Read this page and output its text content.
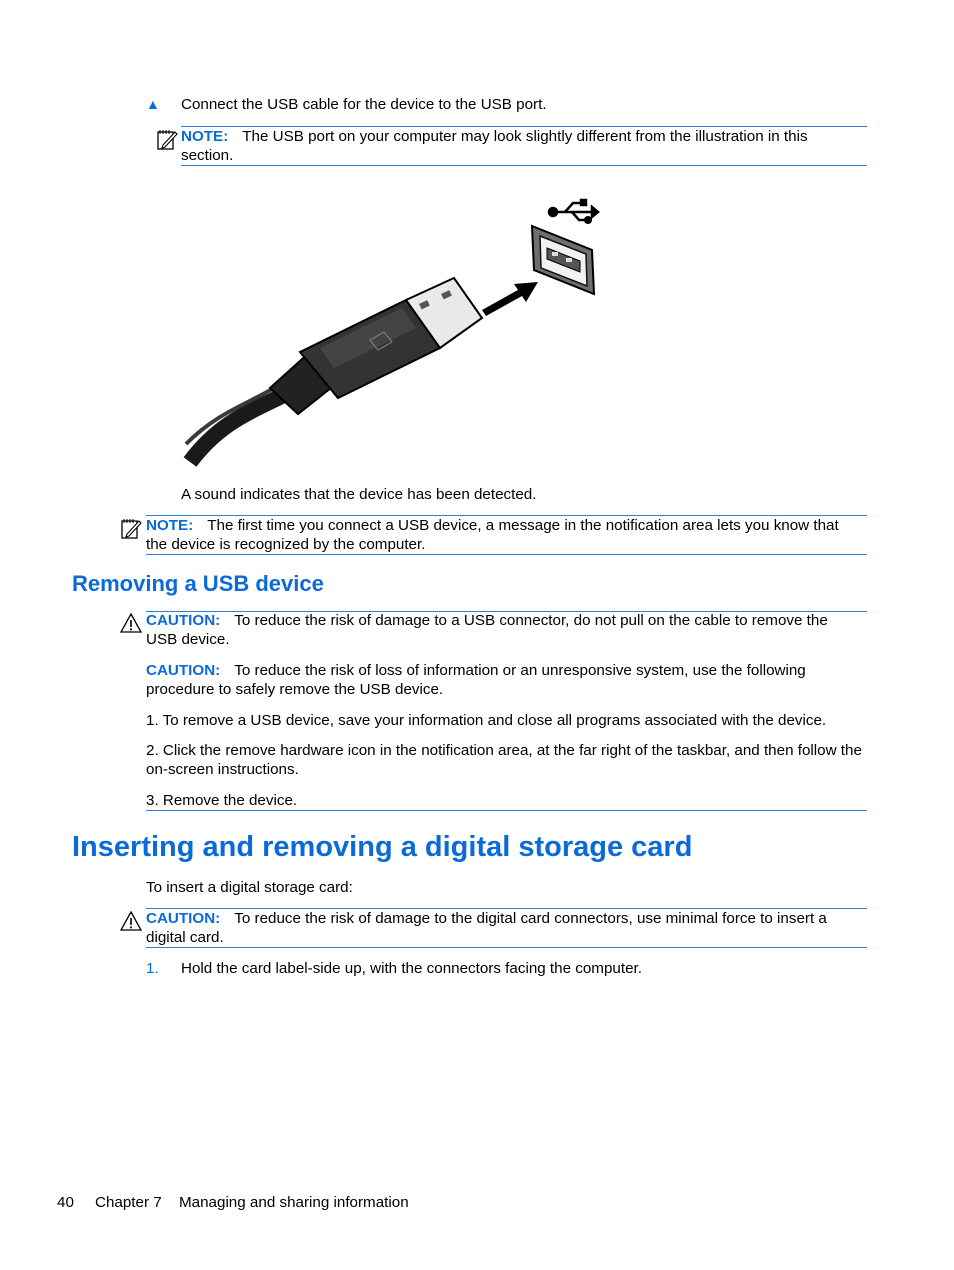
▲ Connect the USB cable for the device to the USB port.
NOTE: The USB port on your computer may look slightly different from the illustration in this section.
A sound indicates that the device has been detected.
NOTE: The first time you connect a USB device, a message in the notification area lets you know that the device is recognized by the computer.
Removing a USB device
CAUTION: To reduce the risk of damage to a USB connector, do not pull on the cable to remove the USB device.
CAUTION: To reduce the risk of loss of information or an unresponsive system, use the following procedure to safely remove the USB device.
1. To remove a USB device, save your information and close all programs associated with the device.
2. Click the remove hardware icon in the notification area, at the far right of the taskbar, and then follow the on-screen instructions.
3. Remove the device.
Inserting and removing a digital storage card
To insert a digital storage card:
CAUTION: To reduce the risk of damage to the digital card connectors, use minimal force to insert a digital card.
1. Hold the card label-side up, with the connectors facing the computer.
40 Chapter 7 Managing and sharing information
